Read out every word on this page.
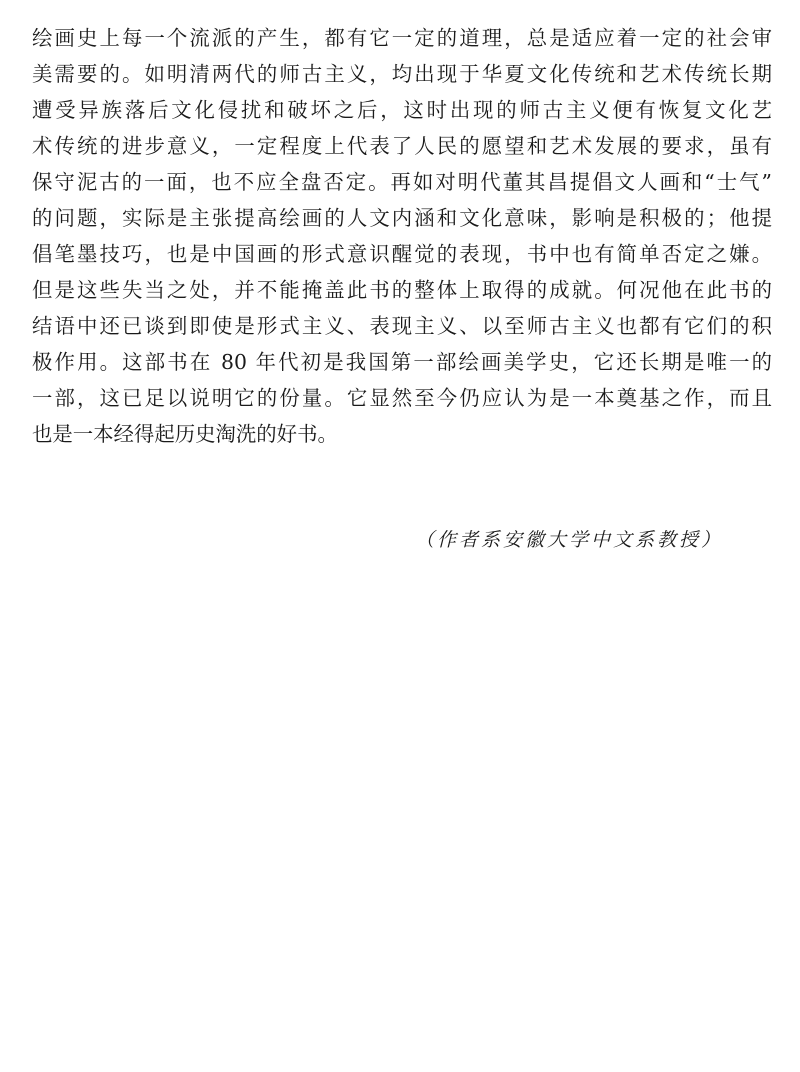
绘画史上每一个流派的产生，都有它一定的道理，总是适应着一定的社会审
美需要的。如明清两代的师古主义，均出现于华夏文化传统和艺术传统长期
遭受异族落后文化侵扰和破坏之后，这时出现的师古主义便有恢复文化艺
术传统的进步意义，一定程度上代表了人民的愿望和艺术发展的要求，虽有
保守泥古的一面，也不应全盘否定。再如对明代董其昌提倡文人画和“士气”
的问题，实际是主张提高绘画的人文内涵和文化意味，影响是积极的；他提
倡笔墨技巧，也是中国画的形式意识醒觉的表现，书中也有简单否定之嫌。
但是这些失当之处，并不能掩盖此书的整体上取得的成就。何况他在此书的
结语中还已谈到即使是形式主义、表现主义、以至师古主义也都有它们的积
极作用。这部书在 80 年代初是我国第一部绘画美学史，它还长期是唯一的
一部，这已足以说明它的份量。它显然至今仍应认为是一本奠基之作，而且
也是一本经得起历史淘洗的好书。
（作者系安徽大学中文系教授）
